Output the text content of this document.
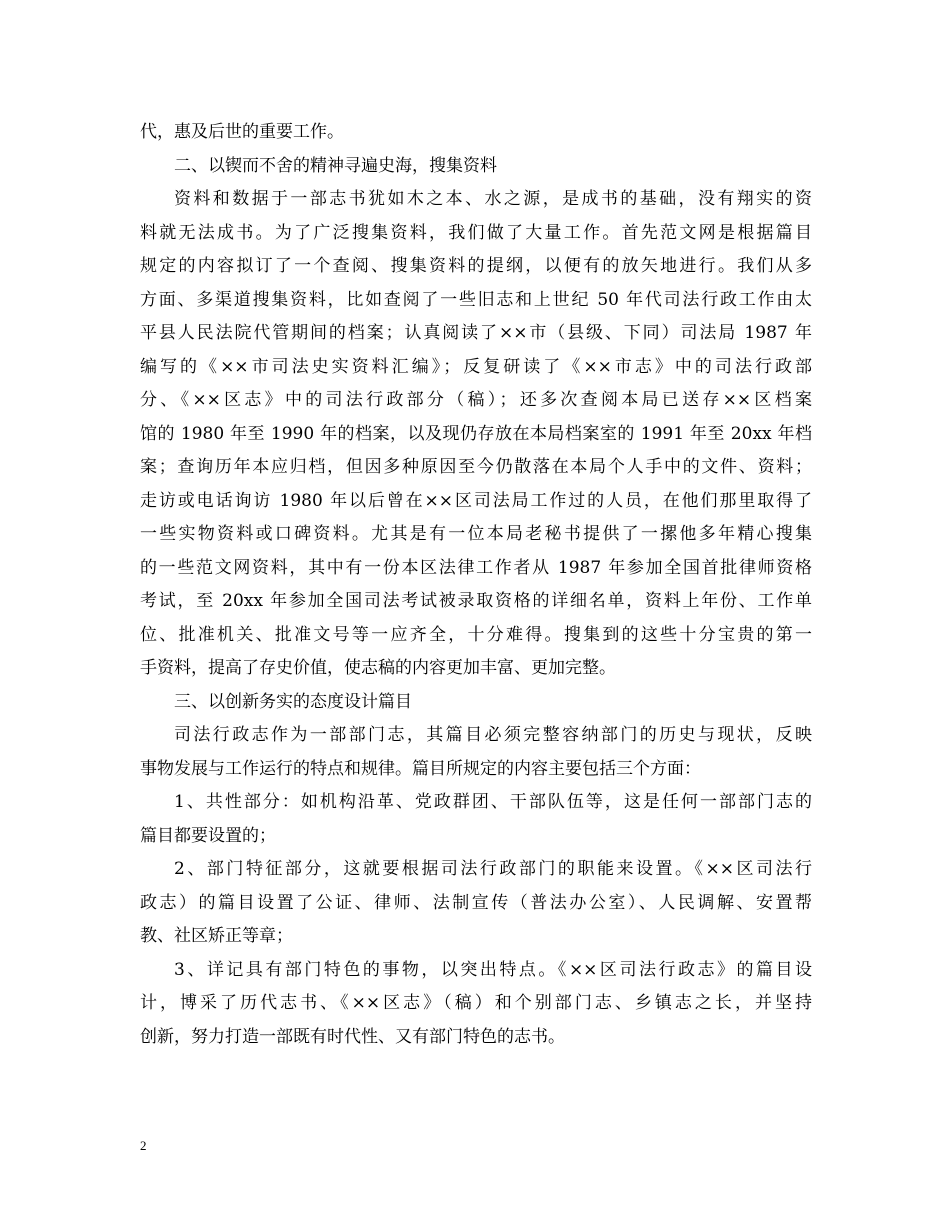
代，惠及后世的重要工作。
二、以锲而不舍的精神寻遍史海，搜集资料
资料和数据于一部志书犹如木之本、水之源，是成书的基础，没有翔实的资
料就无法成书。为了广泛搜集资料，我们做了大量工作。首先范文网是根据篇目
规定的内容拟订了一个查阅、搜集资料的提纲，以便有的放矢地进行。我们从多
方面、多渠道搜集资料，比如查阅了一些旧志和上世纪 50 年代司法行政工作由太
平县人民法院代管期间的档案；认真阅读了××市（县级、下同）司法局 1987 年
编写的《××市司法史实资料汇编》；反复研读了《××市志》中的司法行政部
分、《××区志》中的司法行政部分（稿）；还多次查阅本局已送存××区档案
馆的 1980 年至 1990 年的档案，以及现仍存放在本局档案室的 1991 年至 20xx 年档
案；查询历年本应归档，但因多种原因至今仍散落在本局个人手中的文件、资料；
走访或电话询访 1980 年以后曾在××区司法局工作过的人员，在他们那里取得了
一些实物资料或口碑资料。尤其是有一位本局老秘书提供了一摞他多年精心搜集
的一些范文网资料，其中有一份本区法律工作者从 1987 年参加全国首批律师资格
考试，至 20xx 年参加全国司法考试被录取资格的详细名单，资料上年份、工作单
位、批准机关、批准文号等一应齐全，十分难得。搜集到的这些十分宝贵的第一
手资料，提高了存史价值，使志稿的内容更加丰富、更加完整。
三、以创新务实的态度设计篇目
司法行政志作为一部部门志，其篇目必须完整容纳部门的历史与现状，反映
事物发展与工作运行的特点和规律。篇目所规定的内容主要包括三个方面：
1、共性部分：如机构沿革、党政群团、干部队伍等，这是任何一部部门志的
篇目都要设置的；
2、部门特征部分，这就要根据司法行政部门的职能来设置。《××区司法行
政志）的篇目设置了公证、律师、法制宣传（普法办公室）、人民调解、安置帮
教、社区矫正等章；
3、详记具有部门特色的事物，以突出特点。《××区司法行政志》的篇目设
计，博采了历代志书、《××区志》（稿）和个别部门志、乡镇志之长，并坚持
创新，努力打造一部既有时代性、又有部门特色的志书。
2
